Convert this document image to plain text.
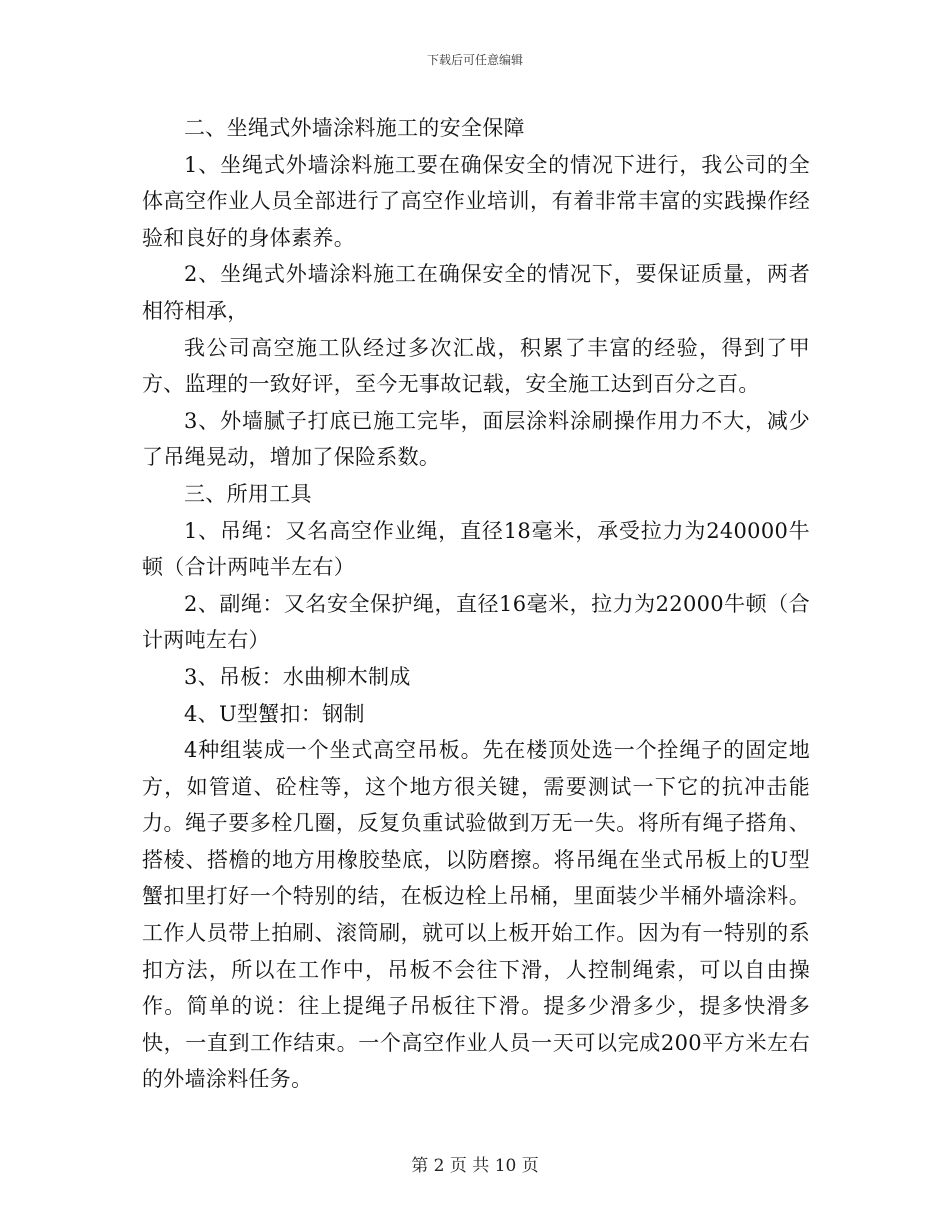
下载后可任意编辑

二、坐绳式外墙涂料施工的安全保障

1、坐绳式外墙涂料施工要在确保安全的情况下进行，我公司的全体高空作业人员全部进行了高空作业培训，有着非常丰富的实践操作经验和良好的身体素养。

2、坐绳式外墙涂料施工在确保安全的情况下，要保证质量，两者相符相承，

我公司高空施工队经过多次汇战，积累了丰富的经验，得到了甲方、监理的一致好评，至今无事故记载，安全施工达到百分之百。

3、外墙腻子打底已施工完毕，面层涂料涂刷操作用力不大，减少了吊绳晃动，增加了保险系数。

三、所用工具

1、吊绳：又名高空作业绳，直径18毫米，承受拉力为240000牛顿（合计两吨半左右）

2、副绳：又名安全保护绳，直径16毫米，拉力为22000牛顿（合计两吨左右）

3、吊板：水曲柳木制成

4、U型蟹扣：钢制

4种组装成一个坐式高空吊板。先在楼顶处选一个拴绳子的固定地方，如管道、砼柱等，这个地方很关键，需要测试一下它的抗冲击能力。绳子要多栓几圈，反复负重试验做到万无一失。将所有绳子搭角、搭棱、搭檐的地方用橡胶垫底，以防磨擦。将吊绳在坐式吊板上的U型蟹扣里打好一个特别的结，在板边栓上吊桶，里面装少半桶外墙涂料。工作人员带上拍刷、滚筒刷，就可以上板开始工作。因为有一特别的系扣方法，所以在工作中，吊板不会往下滑，人控制绳索，可以自由操作。简单的说：往上提绳子吊板往下滑。提多少滑多少，提多快滑多快，一直到工作结束。一个高空作业人员一天可以完成200平方米左右的外墙涂料任务。

第 2 页 共 10 页
